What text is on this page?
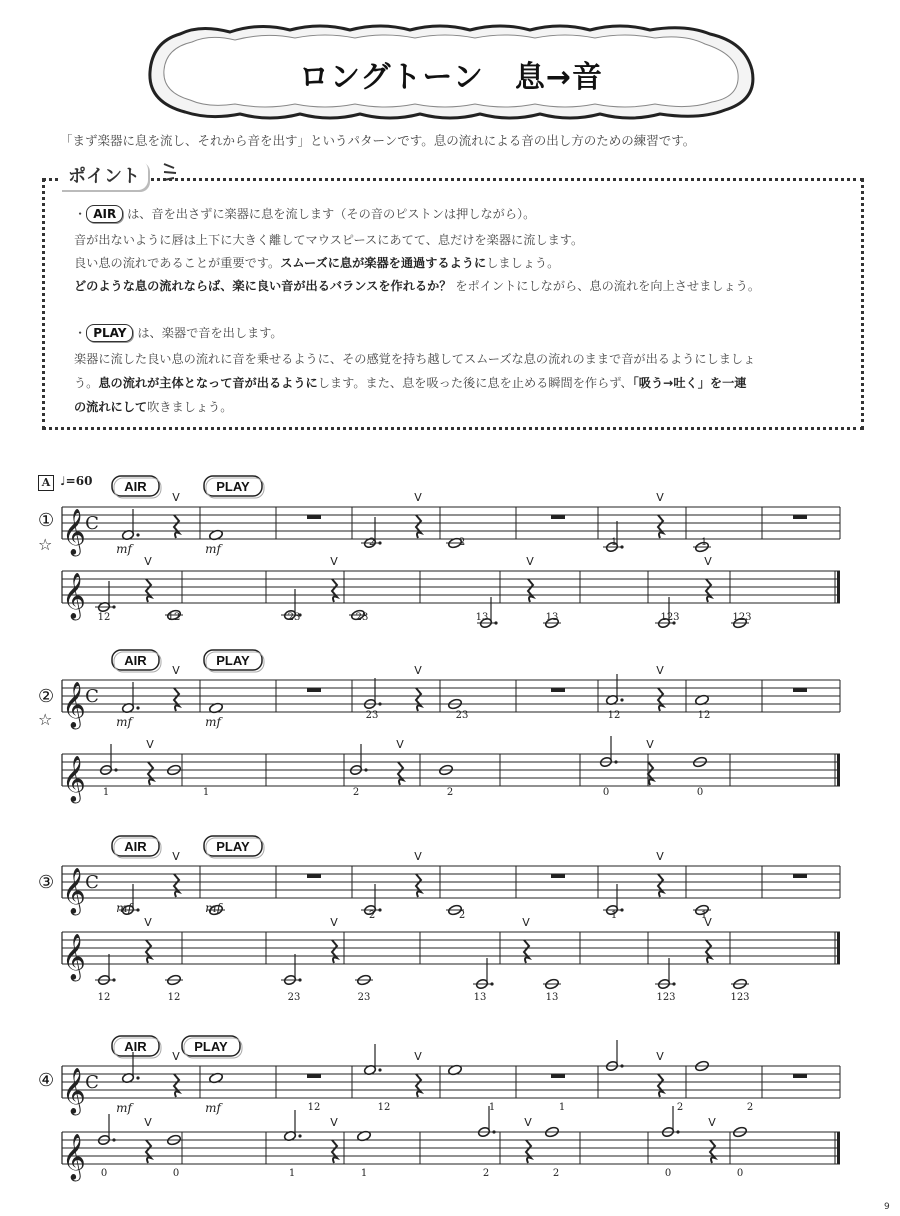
ロングトーン　息→音
「まず楽器に息を流し、それから音を出す」というパターンです。息の流れによる音の出し方のための練習です。
ポイント
・ AIR は、音を出さずに楽器に息を流します（その音のピストンは押しながら）。
音が出ないように唇は上下に大きく離してマウスピースにあてて、息だけを楽器に流します。
良い息の流れであることが重要です。スムーズに息が楽器を通過するようにしましょう。
どのような息の流れならば、楽に良い音が出るバランスを作れるか？ をポイントにしながら、息の流れを向上させましょう。
・ PLAY は、楽器で音を出します。
楽器に流した良い息の流れに音を乗せるように、その感覚を持ち越してスムーズな息の流れのままで音が出るようにしましょ
う。息の流れが主体となって音が出るようにします。また、息を吸った後に息を止める瞬間を作らず、「吸う→吐く」を一連
の流れにして吹きましょう。
A ♩=60 AIR	PLAY
𝄞 C
V	V	V
mf	mf
𝄞
V	V	V	V
2	2	1	1
12	12	23	23	13	13	123	123
AIR	PLAY
𝄞 C
V	V	V
mf	mf
𝄞
V	V	V
23	23	12	12
1	1	2	2	0	0
AIR	PLAY
𝄞 C
V	V	V
mf	mf
𝄞
V	V	V	V
2	2	1	1
12	12	23	23	13	13	123	123
AIR	PLAY
𝄞 C
V	V	V
mf	mf
𝄞
V	V	V	V
12	12	1	1	2	2
0	0	1	1	2	2	0	0
①
☆
②
☆
③
④
9
